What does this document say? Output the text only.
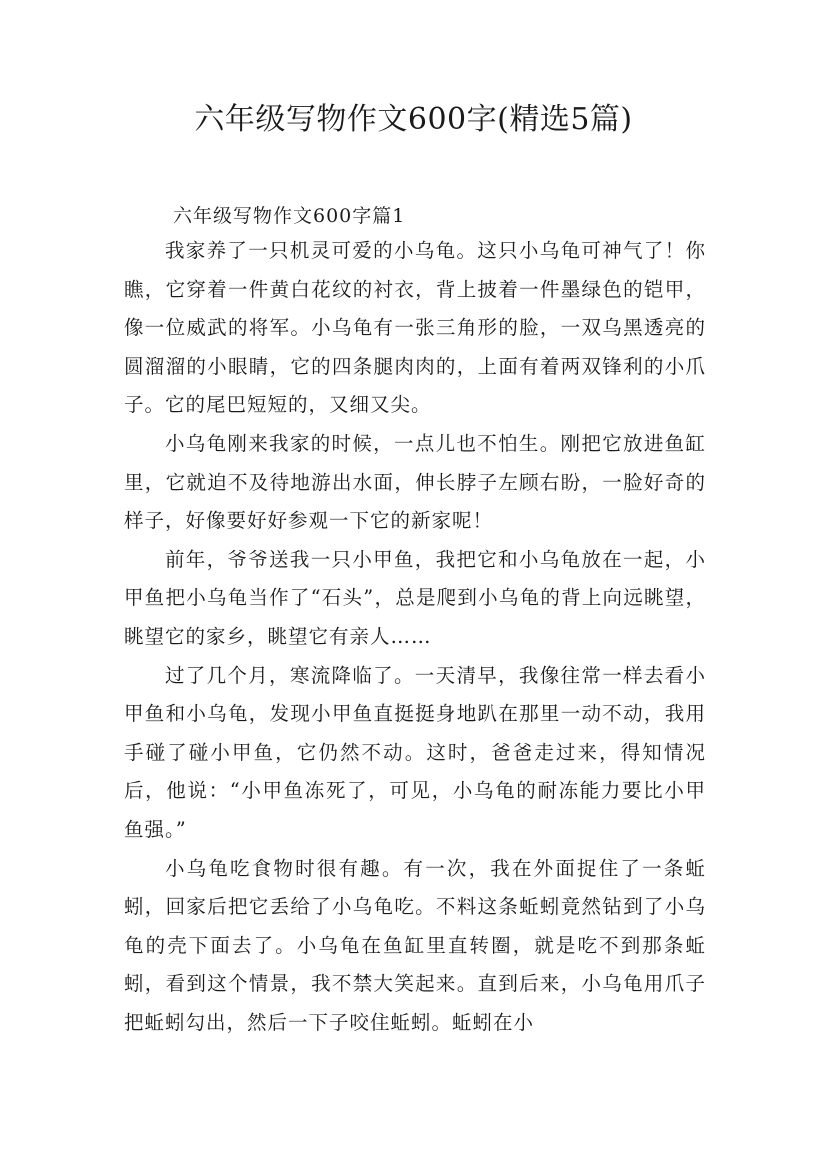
六年级写物作文600字(精选5篇)
六年级写物作文600字篇1

我家养了一只机灵可爱的小乌龟。这只小乌龟可神气了！你瞧，它穿着一件黄白花纹的衬衣，背上披着一件墨绿色的铠甲，像一位威武的将军。小乌龟有一张三角形的脸，一双乌黑透亮的圆溜溜的小眼睛，它的四条腿肉肉的，上面有着两双锋利的小爪子。它的尾巴短短的，又细又尖。

小乌龟刚来我家的时候，一点儿也不怕生。刚把它放进鱼缸里，它就迫不及待地游出水面，伸长脖子左顾右盼，一脸好奇的样子，好像要好好参观一下它的新家呢！

前年，爷爷送我一只小甲鱼，我把它和小乌龟放在一起，小甲鱼把小乌龟当作了“石头”，总是爬到小乌龟的背上向远眺望，眺望它的家乡，眺望它有亲人……

过了几个月，寒流降临了。一天清早，我像往常一样去看小甲鱼和小乌龟，发现小甲鱼直挺挺身地趴在那里一动不动，我用手碰了碰小甲鱼，它仍然不动。这时，爸爸走过来，得知情况后，他说：“小甲鱼冻死了，可见，小乌龟的耐冻能力要比小甲鱼强。”

小乌龟吃食物时很有趣。有一次，我在外面捉住了一条蚯蚓，回家后把它丢给了小乌龟吃。不料这条蚯蚓竟然钻到了小乌龟的壳下面去了。小乌龟在鱼缸里直转圈，就是吃不到那条蚯蚓，看到这个情景，我不禁大笑起来。直到后来，小乌龟用爪子把蚯蚓勾出，然后一下子咬住蚯蚓。蚯蚓在小
